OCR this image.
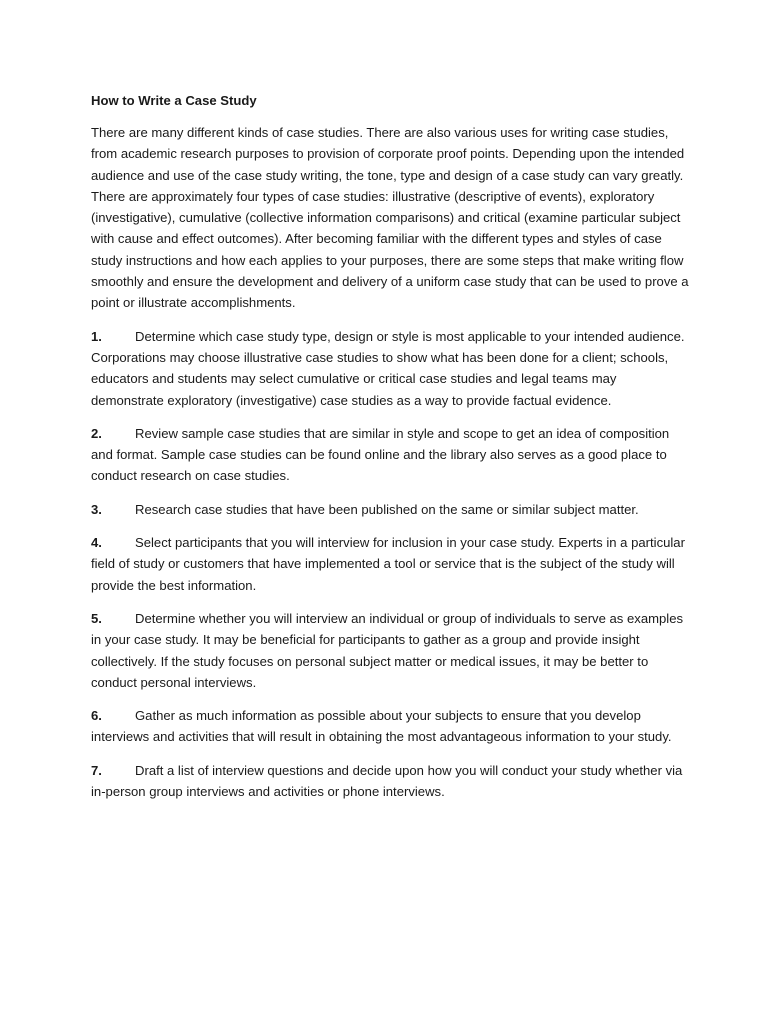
How to Write a Case Study

There are many different kinds of case studies. There are also various uses for writing case studies, from academic research purposes to provision of corporate proof points. Depending upon the intended audience and use of the case study writing, the tone, type and design of a case study can vary greatly. There are approximately four types of case studies: illustrative (descriptive of events), exploratory (investigative), cumulative (collective information comparisons) and critical (examine particular subject with cause and effect outcomes). After becoming familiar with the different types and styles of case study instructions and how each applies to your purposes, there are some steps that make writing flow smoothly and ensure the development and delivery of a uniform case study that can be used to prove a point or illustrate accomplishments.

1.	Determine which case study type, design or style is most applicable to your intended audience. Corporations may choose illustrative case studies to show what has been done for a client; schools, educators and students may select cumulative or critical case studies and legal teams may demonstrate exploratory (investigative) case studies as a way to provide factual evidence.

2.	Review sample case studies that are similar in style and scope to get an idea of composition and format. Sample case studies can be found online and the library also serves as a good place to conduct research on case studies.

3.	Research case studies that have been published on the same or similar subject matter.

4.	Select participants that you will interview for inclusion in your case study. Experts in a particular field of study or customers that have implemented a tool or service that is the subject of the study will provide the best information.

5.	Determine whether you will interview an individual or group of individuals to serve as examples in your case study. It may be beneficial for participants to gather as a group and provide insight collectively. If the study focuses on personal subject matter or medical issues, it may be better to conduct personal interviews.

6.	Gather as much information as possible about your subjects to ensure that you develop interviews and activities that will result in obtaining the most advantageous information to your study.

7.	Draft a list of interview questions and decide upon how you will conduct your study whether via in-person group interviews and activities or phone interviews.
